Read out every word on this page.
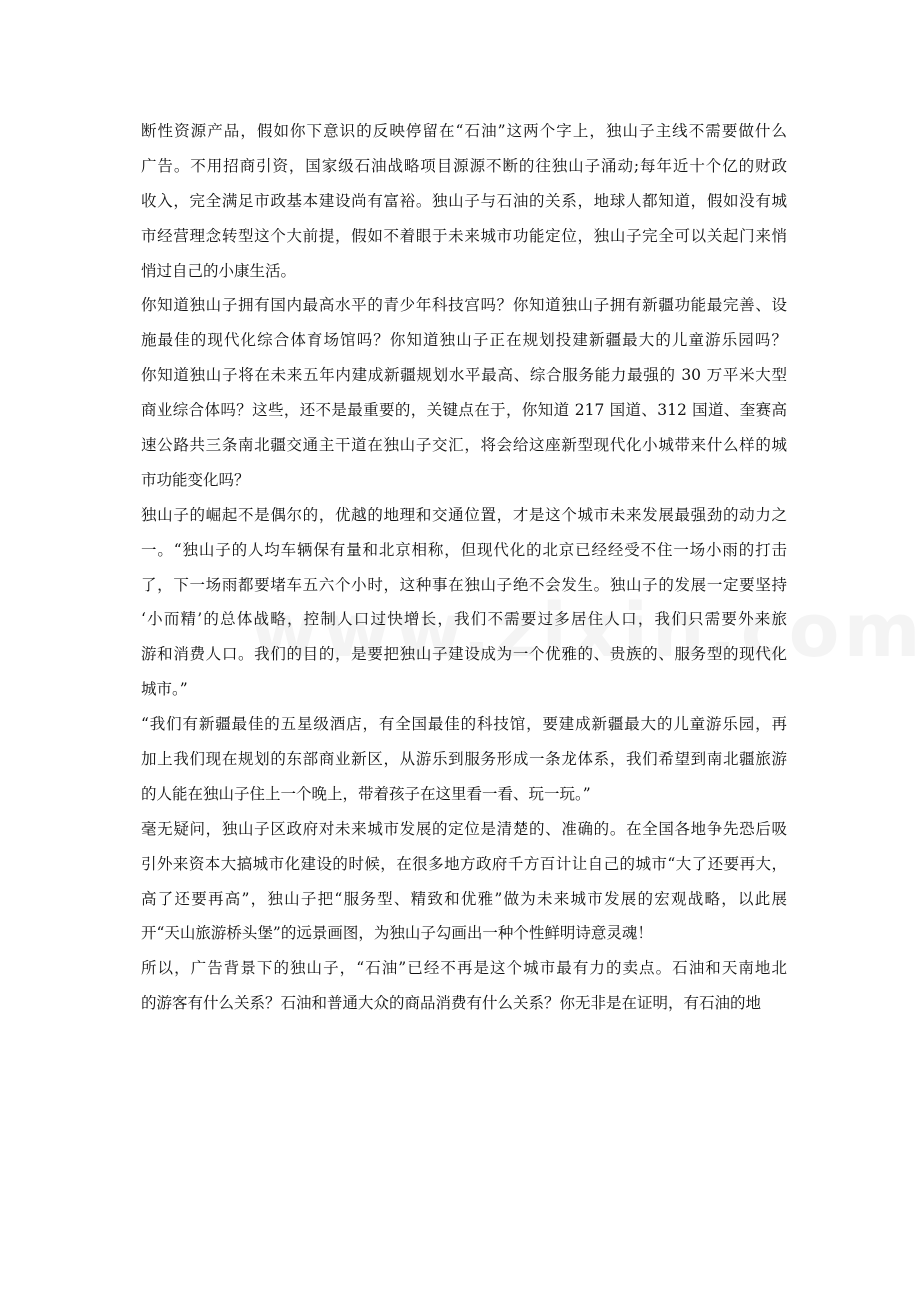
断性资源产品，假如你下意识的反映停留在“石油”这两个字上，独山子主线不需要做什么
广告。不用招商引资，国家级石油战略项目源源不断的往独山子涌动;每年近十个亿的财政
收入，完全满足市政基本建设尚有富裕。独山子与石油的关系，地球人都知道，假如没有城
市经营理念转型这个大前提，假如不着眼于未来城市功能定位，独山子完全可以关起门来悄
悄过自己的小康生活。
你知道独山子拥有国内最高水平的青少年科技宫吗？你知道独山子拥有新疆功能最完善、设
施最佳的现代化综合体育场馆吗？你知道独山子正在规划投建新疆最大的儿童游乐园吗？
你知道独山子将在未来五年内建成新疆规划水平最高、综合服务能力最强的 30 万平米大型
商业综合体吗？这些，还不是最重要的，关键点在于，你知道 217 国道、312 国道、奎赛高
速公路共三条南北疆交通主干道在独山子交汇，将会给这座新型现代化小城带来什么样的城
市功能变化吗？
独山子的崛起不是偶尔的，优越的地理和交通位置，才是这个城市未来发展最强劲的动力之
一。“独山子的人均车辆保有量和北京相称，但现代化的北京已经经受不住一场小雨的打击
了，下一场雨都要堵车五六个小时，这种事在独山子绝不会发生。独山子的发展一定要坚持
‘小而精’的总体战略，控制人口过快增长，我们不需要过多居住人口，我们只需要外来旅
游和消费人口。我们的目的，是要把独山子建设成为一个优雅的、贵族的、服务型的现代化
城市。”
“我们有新疆最佳的五星级酒店，有全国最佳的科技馆，要建成新疆最大的儿童游乐园，再
加上我们现在规划的东部商业新区，从游乐到服务形成一条龙体系，我们希望到南北疆旅游
的人能在独山子住上一个晚上，带着孩子在这里看一看、玩一玩。”
毫无疑问，独山子区政府对未来城市发展的定位是清楚的、准确的。在全国各地争先恐后吸
引外来资本大搞城市化建设的时候，在很多地方政府千方百计让自己的城市“大了还要再大，
高了还要再高”，独山子把“服务型、精致和优雅”做为未来城市发展的宏观战略，以此展
开“天山旅游桥头堡”的远景画图，为独山子勾画出一种个性鲜明诗意灵魂！
所以，广告背景下的独山子，“石油”已经不再是这个城市最有力的卖点。石油和天南地北
的游客有什么关系？石油和普通大众的商品消费有什么关系？你无非是在证明，有石油的地
